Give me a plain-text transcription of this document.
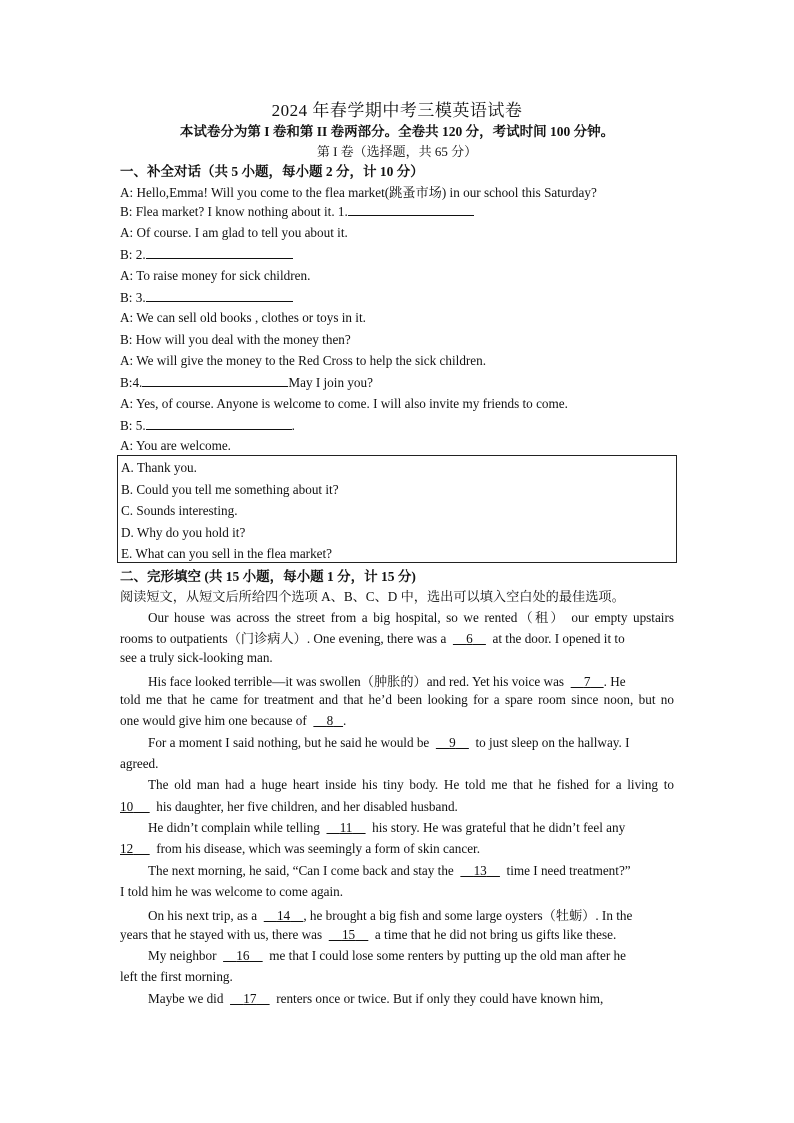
2024 年春学期中考三模英语试卷
本试卷分为第 I 卷和第 II 卷两部分。全卷共 120 分，考试时间 100 分钟。
第 I 卷（选择题，共 65 分）
一、补全对话（共 5 小题，每小题 2 分，计 10 分）
A: Hello,Emma! Will you come to the flea market(跳蚤市场) in our school this Saturday?
B: Flea market? I know nothing about it. 1.
A: Of course. I am glad to tell you about it.
B: 2.
A: To raise money for sick children.
B: 3.
A: We can sell old books , clothes or toys in it.
B: How will you deal with the money then?
A: We will give the money to the Red Cross to help the sick children.
B:4.	May I join you?
A: Yes, of course. Anyone is welcome to come. I will also invite my friends to come.
B: 5.	.
A: You are welcome.
A. Thank you.
B. Could you tell me something about it?
C. Sounds interesting.
D. Why do you hold it?
E. What can you sell in the flea market?
二、完形填空 (共 15 小题，每小题 1 分，计 15 分)
阅读短文，从短文后所给四个选项 A、B、C、D 中，选出可以填入空白处的最佳选项。
Our house was across the street from a big hospital, so we rented（租） our empty upstairs
rooms to outpatients（门诊病人）. One evening, there was a 6 at the door. I opened it to
see a truly sick-looking man.
His face looked terrible—it was swollen（肿胀的）and red. Yet his voice was 7 . He
told me that he came for treatment and that he’d been looking for a spare room since noon, but no
one would give him one because of 8 .
For a moment I said nothing, but he said he would be 9 to just sleep on the hallway. I
agreed.
The old man had a huge heart inside his tiny body. He told me that he fished for a living to
10 his daughter, her five children, and her disabled husband.
He didn’t complain while telling 11 his story. He was grateful that he didn’t feel any
12 from his disease, which was seemingly a form of skin cancer.
The next morning, he said, “Can I come back and stay the 13 time I need treatment?”
I told him he was welcome to come again.
On his next trip, as a 14 , he brought a big fish and some large oysters（牡蛎）. In the
years that he stayed with us, there was 15 a time that he did not bring us gifts like these.
My neighbor 16 me that I could lose some renters by putting up the old man after he
left the first morning.
Maybe we did 17 renters once or twice. But if only they could have known him,
